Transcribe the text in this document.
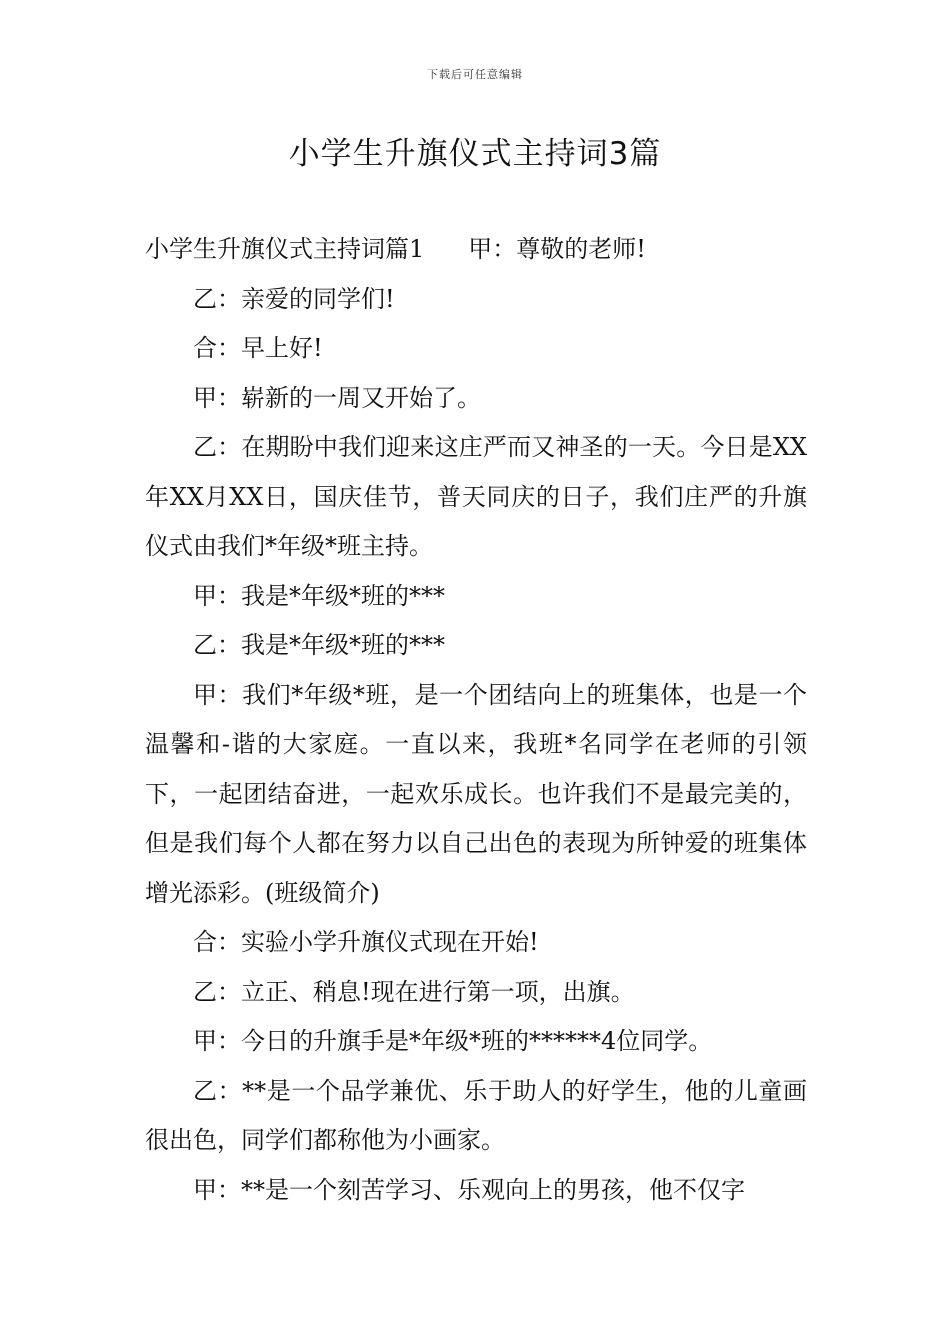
下载后可任意编辑
小学生升旗仪式主持词3篇

小学生升旗仪式主持词篇1 甲：尊敬的老师!

乙：亲爱的同学们!

合：早上好!

甲：崭新的一周又开始了。

乙：在期盼中我们迎来这庄严而又神圣的一天。今日是XX年XX月XX日，国庆佳节，普天同庆的日子，我们庄严的升旗仪式由我们*年级*班主持。

甲：我是*年级*班的***

乙：我是*年级*班的***

甲：我们*年级*班，是一个团结向上的班集体，也是一个温馨和-谐的大家庭。一直以来，我班*名同学在老师的引领下，一起团结奋进，一起欢乐成长。也许我们不是最完美的，但是我们每个人都在努力以自己出色的表现为所钟爱的班集体增光添彩。(班级简介)

合：实验小学升旗仪式现在开始!

乙：立正、稍息!现在进行第一项，出旗。

甲：今日的升旗手是*年级*班的******4位同学。

乙：**是一个品学兼优、乐于助人的好学生，他的儿童画很出色，同学们都称他为小画家。

甲：**是一个刻苦学习、乐观向上的男孩，他不仅字
